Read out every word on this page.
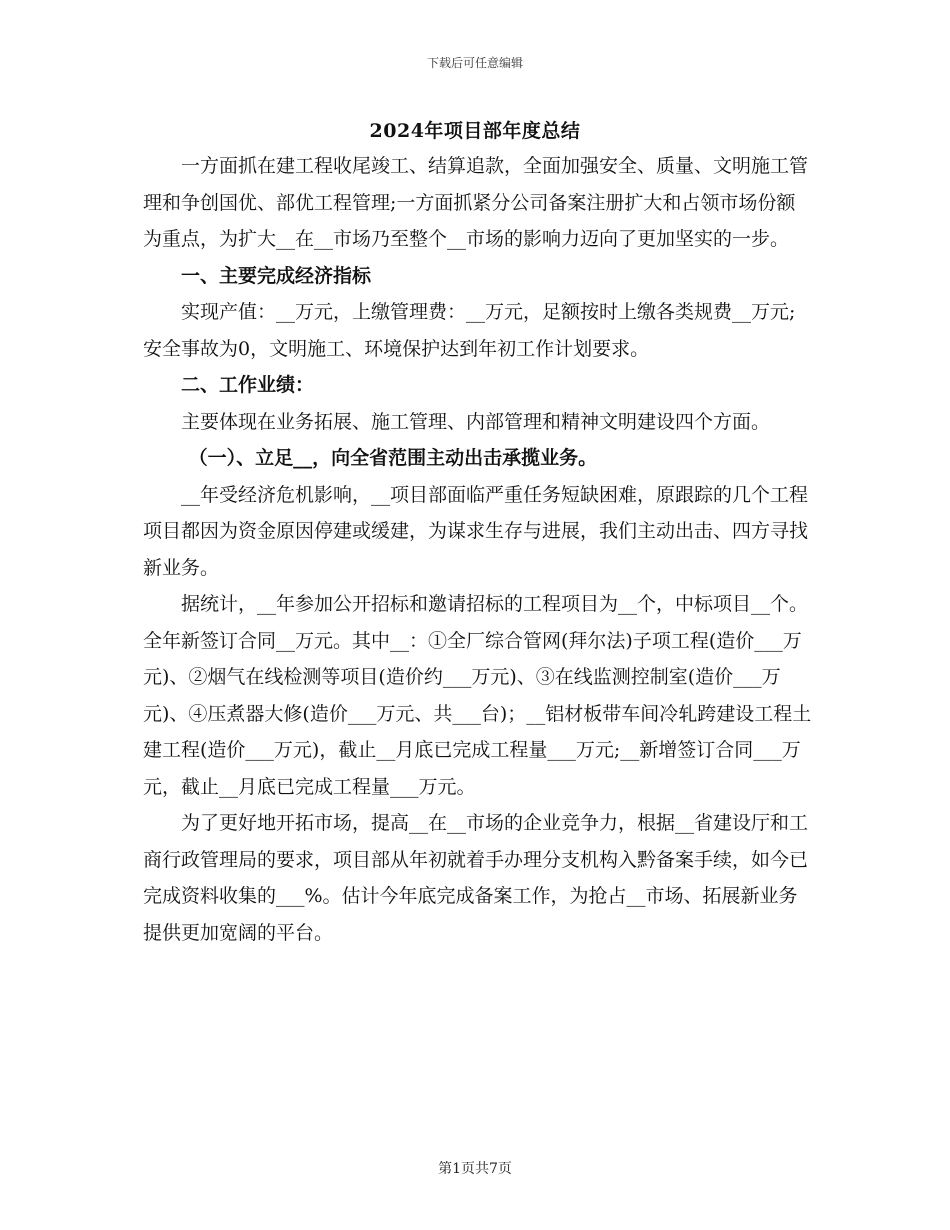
下载后可任意编辑
2024年项目部年度总结

一方面抓在建工程收尾竣工、结算追款，全面加强安全、质量、文明施工管理和争创国优、部优工程管理;一方面抓紧分公司备案注册扩大和占领市场份额为重点，为扩大__在__市场乃至整个__市场的影响力迈向了更加坚实的一步。

一、主要完成经济指标

实现产值：__万元，上缴管理费：__万元，足额按时上缴各类规费__万元;安全事故为0，文明施工、环境保护达到年初工作计划要求。

二、工作业绩：

主要体现在业务拓展、施工管理、内部管理和精神文明建设四个方面。

（一）、立足__，向全省范围主动出击承揽业务。

__年受经济危机影响，__项目部面临严重任务短缺困难，原跟踪的几个工程项目都因为资金原因停建或缓建，为谋求生存与进展，我们主动出击、四方寻找新业务。

据统计，__年参加公开招标和邀请招标的工程项目为__个，中标项目__个。全年新签订合同__万元。其中__：①全厂综合管网(拜尔法)子项工程(造价___万元)、②烟气在线检测等项目(造价约___万元)、③在线监测控制室(造价___万元)、④压煮器大修(造价___万元、共___台)；__铝材板带车间冷轧跨建设工程土建工程(造价___万元)，截止__月底已完成工程量___万元;__新增签订合同___万元，截止__月底已完成工程量___万元。

为了更好地开拓市场，提高__在__市场的企业竞争力，根据__省建设厅和工商行政管理局的要求，项目部从年初就着手办理分支机构入黔备案手续，如今已完成资料收集的___%。估计今年底完成备案工作，为抢占__市场、拓展新业务提供更加宽阔的平台。

第1页共7页
